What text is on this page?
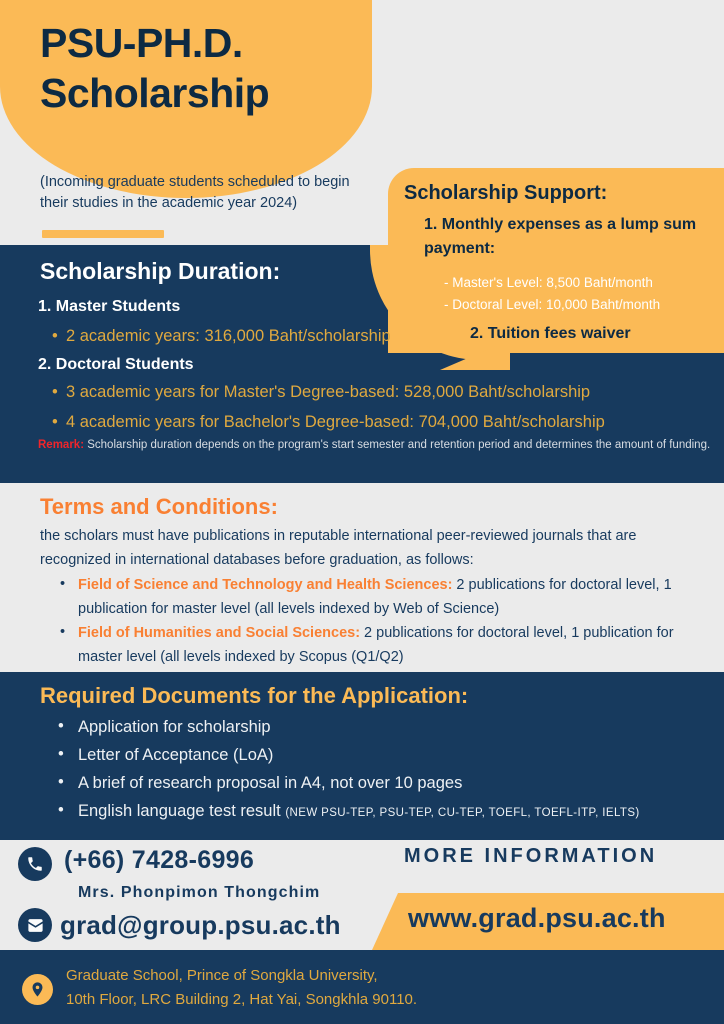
PSU-PH.D. Scholarship
(Incoming graduate students scheduled to begin their studies in the academic year 2024)	Scholarship Support:
1. Monthly expenses as a lump sum payment:
- Master's Level: 8,500 Baht/month
- Doctoral Level: 10,000 Baht/month
2. Tuition fees waiver
Scholarship Duration:
1. Master Students
• 2 academic years: 316,000 Baht/scholarship
2. Doctoral Students
• 3 academic years for Master's Degree-based: 528,000 Baht/scholarship
• 4 academic years for Bachelor's Degree-based: 704,000 Baht/scholarship
Remark: Scholarship duration depends on the program's start semester and retention period and determines the amount of funding.
Terms and Conditions:
the scholars must have publications in reputable international peer-reviewed journals that are recognized in international databases before graduation, as follows:
• Field of Science and Technology and Health Sciences: 2 publications for doctoral level, 1 publication for master level (all levels indexed by Web of Science)
• Field of Humanities and Social Sciences: 2 publications for doctoral level, 1 publication for master level (all levels indexed by Scopus (Q1/Q2)
Required Documents for the Application:
• Application for scholarship
• Letter of Acceptance (LoA)
• A brief of research proposal in A4, not over 10 pages
• English language test result (NEW PSU-TEP, PSU-TEP, CU-TEP, TOEFL, TOEFL-ITP, IELTS)
(+66) 7428-6996
Mrs. Phonpimon Thongchim
grad@group.psu.ac.th
MORE INFORMATION
www.grad.psu.ac.th
Graduate School, Prince of Songkla University,
10th Floor, LRC Building 2, Hat Yai, Songkhla 90110.
